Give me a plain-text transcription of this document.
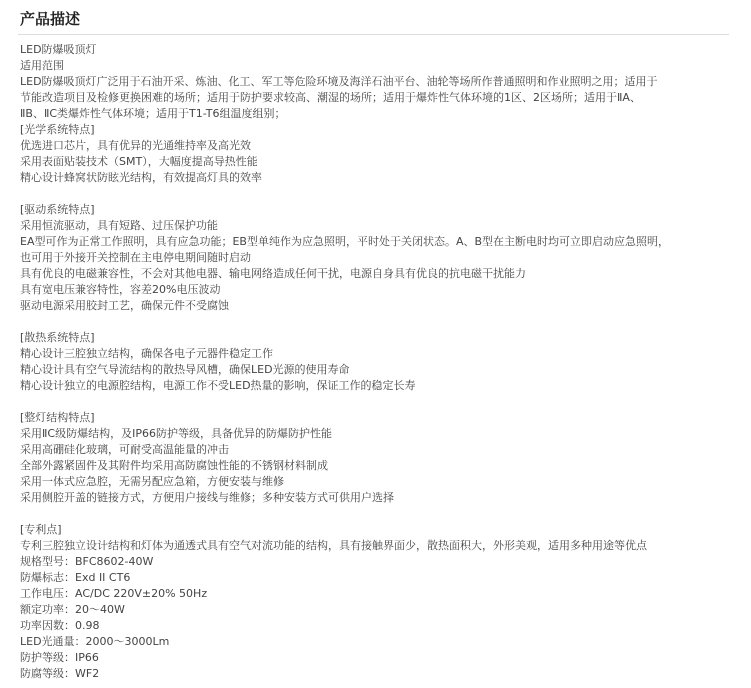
产品描述
LED防爆吸顶灯
适用范围
LED防爆吸顶灯广泛用于石油开采、炼油、化工、军工等危险环境及海洋石油平台、油轮等场所作普通照明和作业照明之用；适用于
节能改造项目及检修更换困难的场所；适用于防护要求较高、潮湿的场所；适用于爆炸性气体环境的1区、2区场所；适用于ⅡA、
ⅡB、ⅡC类爆炸性气体环境；适用于T1-T6组温度组别；
[光学系统特点]
优选进口芯片，具有优异的光通维持率及高光效
采用表面贴装技术（SMT），大幅度提高导热性能
精心设计蜂窝状防眩光结构，有效提高灯具的效率
[驱动系统特点]
采用恒流驱动，具有短路、过压保护功能
EA型可作为正常工作照明，具有应急功能；EB型单纯作为应急照明，平时处于关闭状态。A、B型在主断电时均可立即启动应急照明，
也可用于外接开关控制在主电停电期间随时启动
具有优良的电磁兼容性，不会对其他电器、输电网络造成任何干扰，电源自身具有优良的抗电磁干扰能力
具有宽电压兼容特性，容差20%电压波动
驱动电源采用胶封工艺，确保元件不受腐蚀
[散热系统特点]
精心设计三腔独立结构，确保各电子元器件稳定工作
精心设计具有空气导流结构的散热导风槽，确保LED光源的使用寿命
精心设计独立的电源腔结构，电源工作不受LED热量的影响，保证工作的稳定长寿
[整灯结构特点]
采用ⅡC级防爆结构，及IP66防护等级，具备优异的防爆防护性能
采用高硼硅化玻璃，可耐受高温能量的冲击
全部外露紧固件及其附件均采用高防腐蚀性能的不锈钢材料制成
采用一体式应急腔，无需另配应急箱，方便安装与维修
采用侧腔开盖的链接方式，方便用户接线与维修；多种安装方式可供用户选择
[专利点]
专利三腔独立设计结构和灯体为通透式具有空气对流功能的结构，具有接触界面少，散热面积大，外形美观，适用多种用途等优点
规格型号：BFC8602-40W
防爆标志：Exd II CT6
工作电压：AC/DC 220V±20% 50Hz
额定功率：20～40W
功率因数：0.98
LED光通量：2000～3000Lm
防护等级：IP66
防腐等级：WF2
